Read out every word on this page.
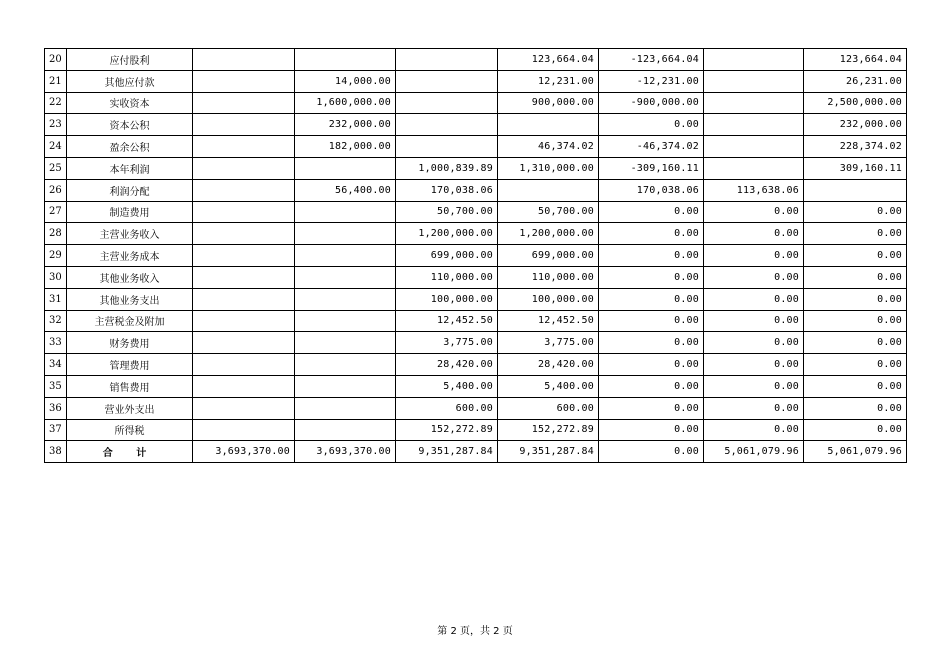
20	应付股利				123,664.04	-123,664.04		123,664.04
21	其他应付款		14,000.00		12,231.00	-12,231.00		26,231.00
22	实收资本		1,600,000.00		900,000.00	-900,000.00		2,500,000.00
23	资本公积		232,000.00			0.00		232,000.00
24	盈余公积		182,000.00		46,374.02	-46,374.02		228,374.02
25	本年利润			1,000,839.89	1,310,000.00	-309,160.11		309,160.11
26	利润分配		56,400.00	170,038.06		170,038.06	113,638.06	
27	制造费用			50,700.00	50,700.00	0.00	0.00	0.00
28	主营业务收入			1,200,000.00	1,200,000.00	0.00	0.00	0.00
29	主营业务成本			699,000.00	699,000.00	0.00	0.00	0.00
30	其他业务收入			110,000.00	110,000.00	0.00	0.00	0.00
31	其他业务支出			100,000.00	100,000.00	0.00	0.00	0.00
32	主营税金及附加			12,452.50	12,452.50	0.00	0.00	0.00
33	财务费用			3,775.00	3,775.00	0.00	0.00	0.00
34	管理费用			28,420.00	28,420.00	0.00	0.00	0.00
35	销售费用			5,400.00	5,400.00	0.00	0.00	0.00
36	营业外支出			600.00	600.00	0.00	0.00	0.00
37	所得税			152,272.89	152,272.89	0.00	0.00	0.00
38	合 计	3,693,370.00	3,693,370.00	9,351,287.84	9,351,287.84	0.00	5,061,079.96	5,061,079.96
第 2 页，共 2 页
